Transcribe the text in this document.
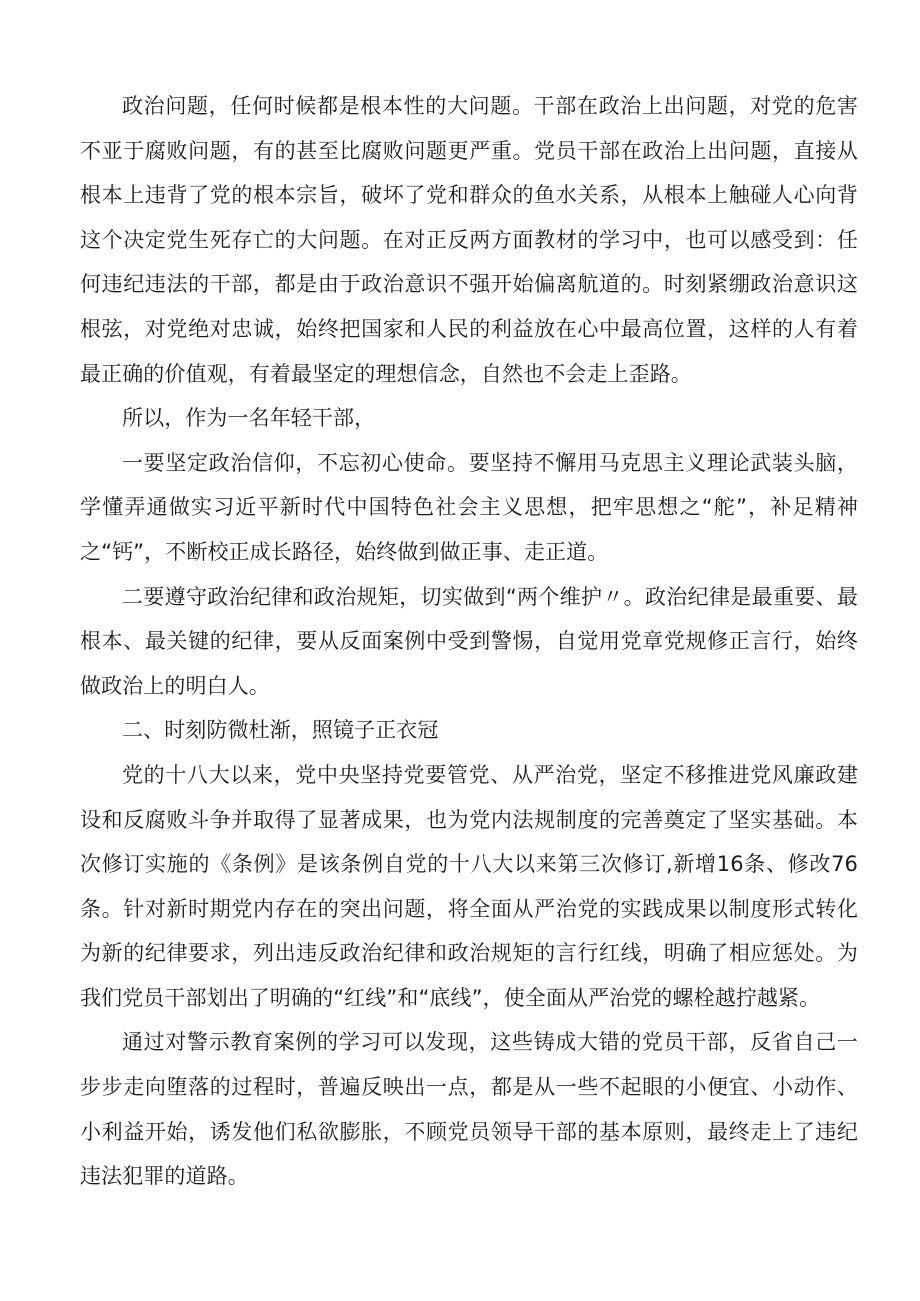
政治问题，任何时候都是根本性的大问题。干部在政治上出问题，对党的危害不亚于腐败问题，有的甚至比腐败问题更严重。党员干部在政治上出问题，直接从根本上违背了党的根本宗旨，破坏了党和群众的鱼水关系，从根本上触碰人心向背这个决定党生死存亡的大问题。在对正反两方面教材的学习中，也可以感受到：任何违纪违法的干部，都是由于政治意识不强开始偏离航道的。时刻紧绷政治意识这根弦，对党绝对忠诚，始终把国家和人民的利益放在心中最高位置，这样的人有着最正确的价值观，有着最坚定的理想信念，自然也不会走上歪路。

所以，作为一名年轻干部，

一要坚定政治信仰，不忘初心使命。要坚持不懈用马克思主义理论武装头脑，学懂弄通做实习近平新时代中国特色社会主义思想，把牢思想之“舵”，补足精神之“钙”，不断校正成长路径，始终做到做正事、走正道。

二要遵守政治纪律和政治规矩，切实做到“两个维护〃。政治纪律是最重要、最根本、最关键的纪律，要从反面案例中受到警惕，自觉用党章党规修正言行，始终做政治上的明白人。

二、时刻防微杜渐，照镜子正衣冠

党的十八大以来，党中央坚持党要管党、从严治党，坚定不移推进党风廉政建设和反腐败斗争并取得了显著成果，也为党内法规制度的完善奠定了坚实基础。本次修订实施的《条例》是该条例自党的十八大以来第三次修订,新增16条、修改76条。针对新时期党内存在的突出问题，将全面从严治党的实践成果以制度形式转化为新的纪律要求，列出违反政治纪律和政治规矩的言行红线，明确了相应惩处。为我们党员干部划出了明确的“红线”和“底线”，使全面从严治党的螺栓越拧越紧。

通过对警示教育案例的学习可以发现，这些铸成大错的党员干部，反省自己一步步走向堕落的过程时，普遍反映出一点，都是从一些不起眼的小便宜、小动作、小利益开始，诱发他们私欲膨胀，不顾党员领导干部的基本原则，最终走上了违纪违法犯罪的道路。
